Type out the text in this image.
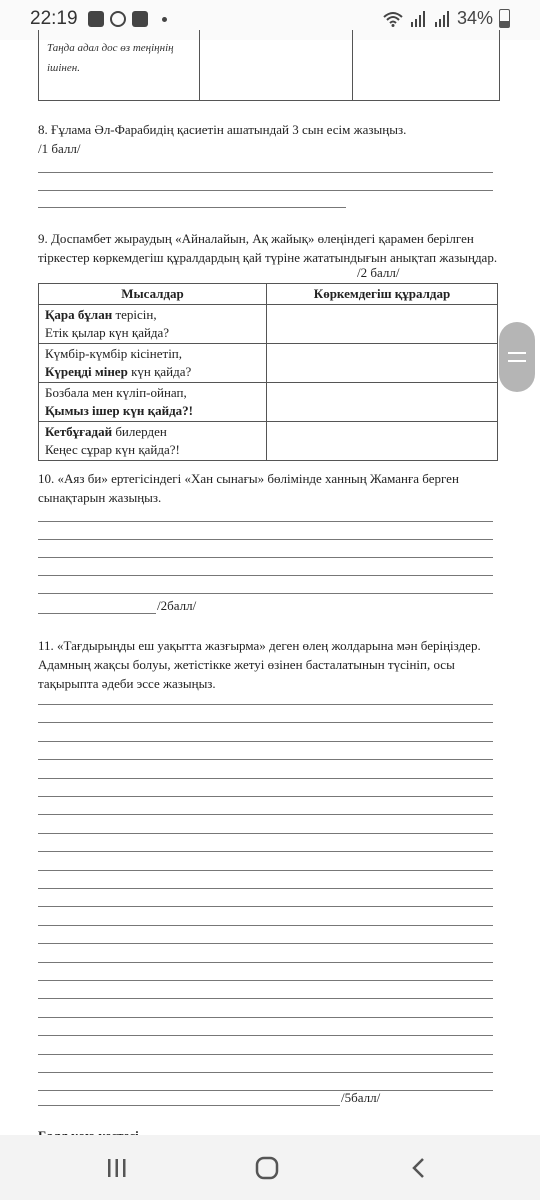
22:19	34%
Таңда адал дос өз теңіңнің ішінен.
8. Ғұлама Әл-Фарабидің қасиетін ашатындай 3 сын есім жазыңыз.
/1 балл/
9. Доспамбет жыраудың «Айналайын, Ақ жайық» өлеңіндегі қарамен берілген тіркестер көркемдегіш құралдардың қай түріне жататындығын анықтап жазыңдар.
/2 балл/
Мысалдар	Көркемдегіш құралдар

Қара бұлан терісін,
Етік қылар күн қайда?	

Күмбір-күмбір кісінетіп,
Күреңді мінер күн қайда?	

Бозбала мен күліп-ойнап,
Қымыз ішер күн қайда?!	

Кетбұғадай билерден
Кеңес сұрар күн қайда?!	

10. «Аяз би» ертегісіндегі «Хан сынағы» бөлімінде ханның Жаманға берген сынақтарын жазыңыз.
/2балл/
11. «Тағдырыңды еш уақытта жазғырма» деген өлең жолдарына мән беріңіздер. Адамның жақсы болуы, жетістікке жетуі өзінен басталатынын түсініп, осы тақырыпта әдеби эссе жазыңыз.
/5балл/
